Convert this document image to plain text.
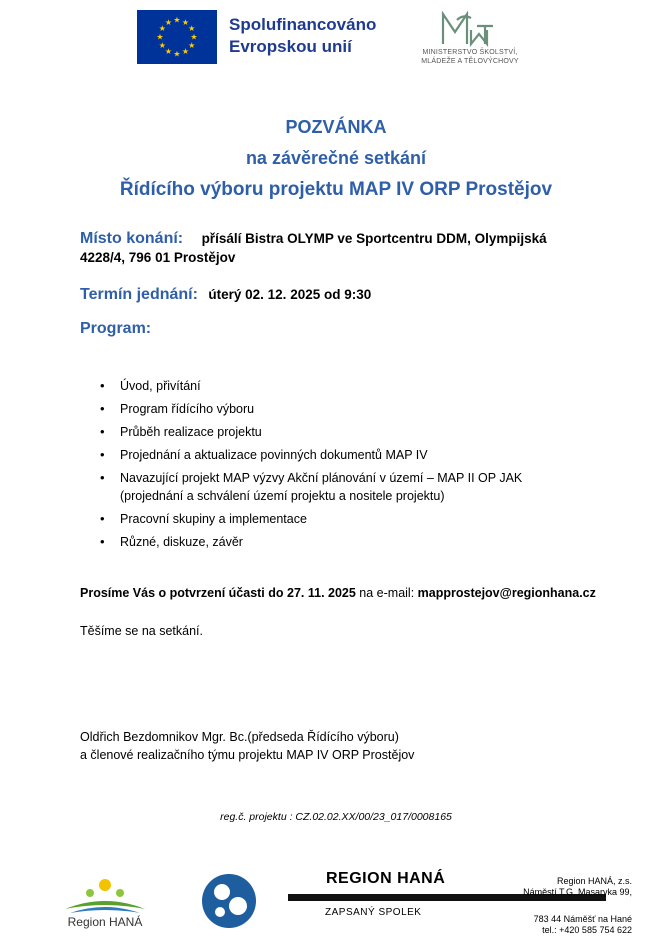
★ ★
★
★
★
★
★
★
★
★
★
★	Spolufinancováno
Evropskou unií	MINISTERSTVO ŠKOLSTVÍ,
MLÁDEŽE A TĚLOVÝCHOVY
POZVÁNKA
na závěrečné setkání
Řídícího výboru projektu MAP IV ORP Prostějov
Místo konání: přísálí Bistra OLYMP ve Sportcentru DDM, Olympijská
4228/4, 796 01 Prostějov
Termín jednání: úterý 02. 12. 2025 od 9:30
Program:
• Úvod, přivítání
• Program řídícího výboru
• Průběh realizace projektu
• Projednání a aktualizace povinných dokumentů MAP IV
• Navazující projekt MAP výzvy Akční plánování v území – MAP II OP JAK
(projednání a schválení území projektu a nositele projektu)
• Pracovní skupiny a implementace
• Různé, diskuze, závěr
Prosíme Vás o potvrzení účasti do 27. 11. 2025 na e-mail: mapprostejov@regionhana.cz
Těšíme se na setkání.
Oldřich Bezdomnikov Mgr. Bc.(předseda Řídícího výboru)
a členové realizačního týmu projektu MAP IV ORP Prostějov
reg.č. projektu : CZ.02.02.XX/00/23_017/0008165
Region HANÁ
REGION HANÁ
ZAPSANÝ SPOLEK
Region HANÁ, z.s.
Náměstí T.G. Masaryka 99,
783 44 Náměšť na Hané
tel.: +420 585 754 622
